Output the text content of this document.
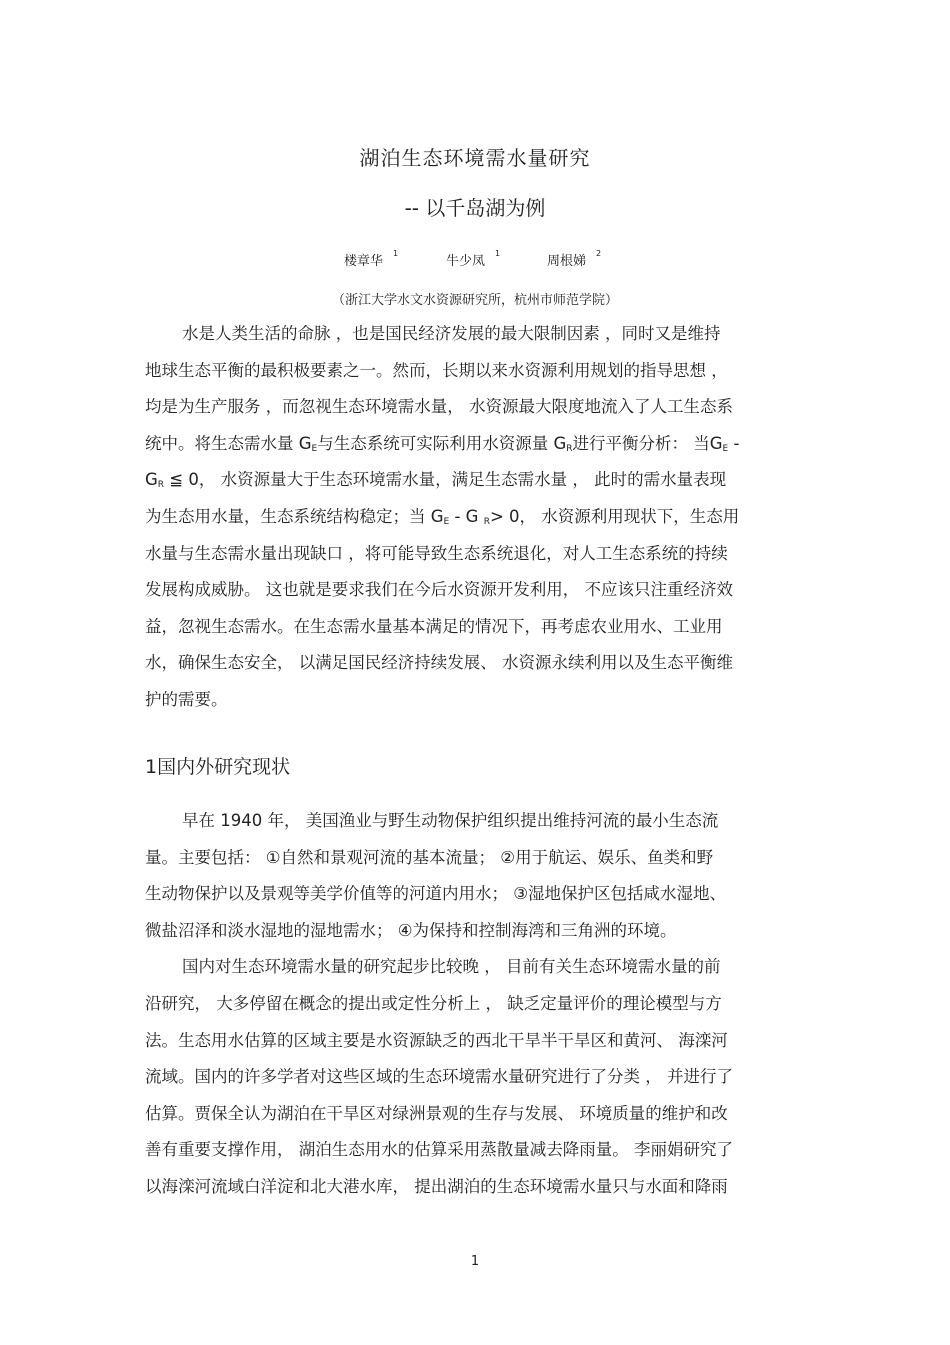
湖泊生态环境需水量研究
-- 以千岛湖为例
楼章华$^1$
牛少凤$^1$
周根娣$^2$
（浙江大学水文水资源研究所，杭州市师范学院）
水是人类生活的命脉 ，也是国民经济发展的最大限制因素 ，同时又是维持
地球生态平衡的最积极要素之一。然而，长期以来水资源利用规划的指导思想 ，
均是为生产服务 ，而忽视生态环境需水量， 水资源最大限度地流入了人工生态系
统中。将生态需水量 $G_E$与生态系统可实际利用水资源量 $G_R$进行平衡分析： 当$G_E$ -
$G_R$ ≦ 0， 水资源量大于生态环境需水量，满足生态需水量 ， 此时的需水量表现
为生态用水量，生态系统结构稳定；当 $G_E$ - G $_R$> 0， 水资源利用现状下，生态用
水量与生态需水量出现缺口 ，将可能导致生态系统退化，对人工生态系统的持续
发展构成威胁。 这也就是要求我们在今后水资源开发利用， 不应该只注重经济效
益，忽视生态需水。在生态需水量基本满足的情况下，再考虑农业用水、工业用
水，确保生态安全， 以满足国民经济持续发展、 水资源永续利用以及生态平衡维
护的需要。
1国内外研究现状
早在 1940 年， 美国渔业与野生动物保护组织提出维持河流的最小生态流
量。主要包括： ①自然和景观河流的基本流量； ②用于航运、娱乐、鱼类和野
生动物保护以及景观等美学价值等的河道内用水； ③湿地保护区包括咸水湿地、
微盐沼泽和淡水湿地的湿地需水； ④为保持和控制海湾和三角洲的环境。
国内对生态环境需水量的研究起步比较晚 ， 目前有关生态环境需水量的前
沿研究， 大多停留在概念的提出或定性分析上 ， 缺乏定量评价的理论模型与方
法。生态用水估算的区域主要是水资源缺乏的西北干旱半干旱区和黄河、 海滦河
流域。国内的许多学者对这些区域的生态环境需水量研究进行了分类 ， 并进行了
估算。贾保全认为湖泊在干旱区对绿洲景观的生存与发展、 环境质量的维护和改
善有重要支撑作用， 湖泊生态用水的估算采用蒸散量减去降雨量。 李丽娟研究了
以海滦河流域白洋淀和北大港水库， 提出湖泊的生态环境需水量只与水面和降雨
1
